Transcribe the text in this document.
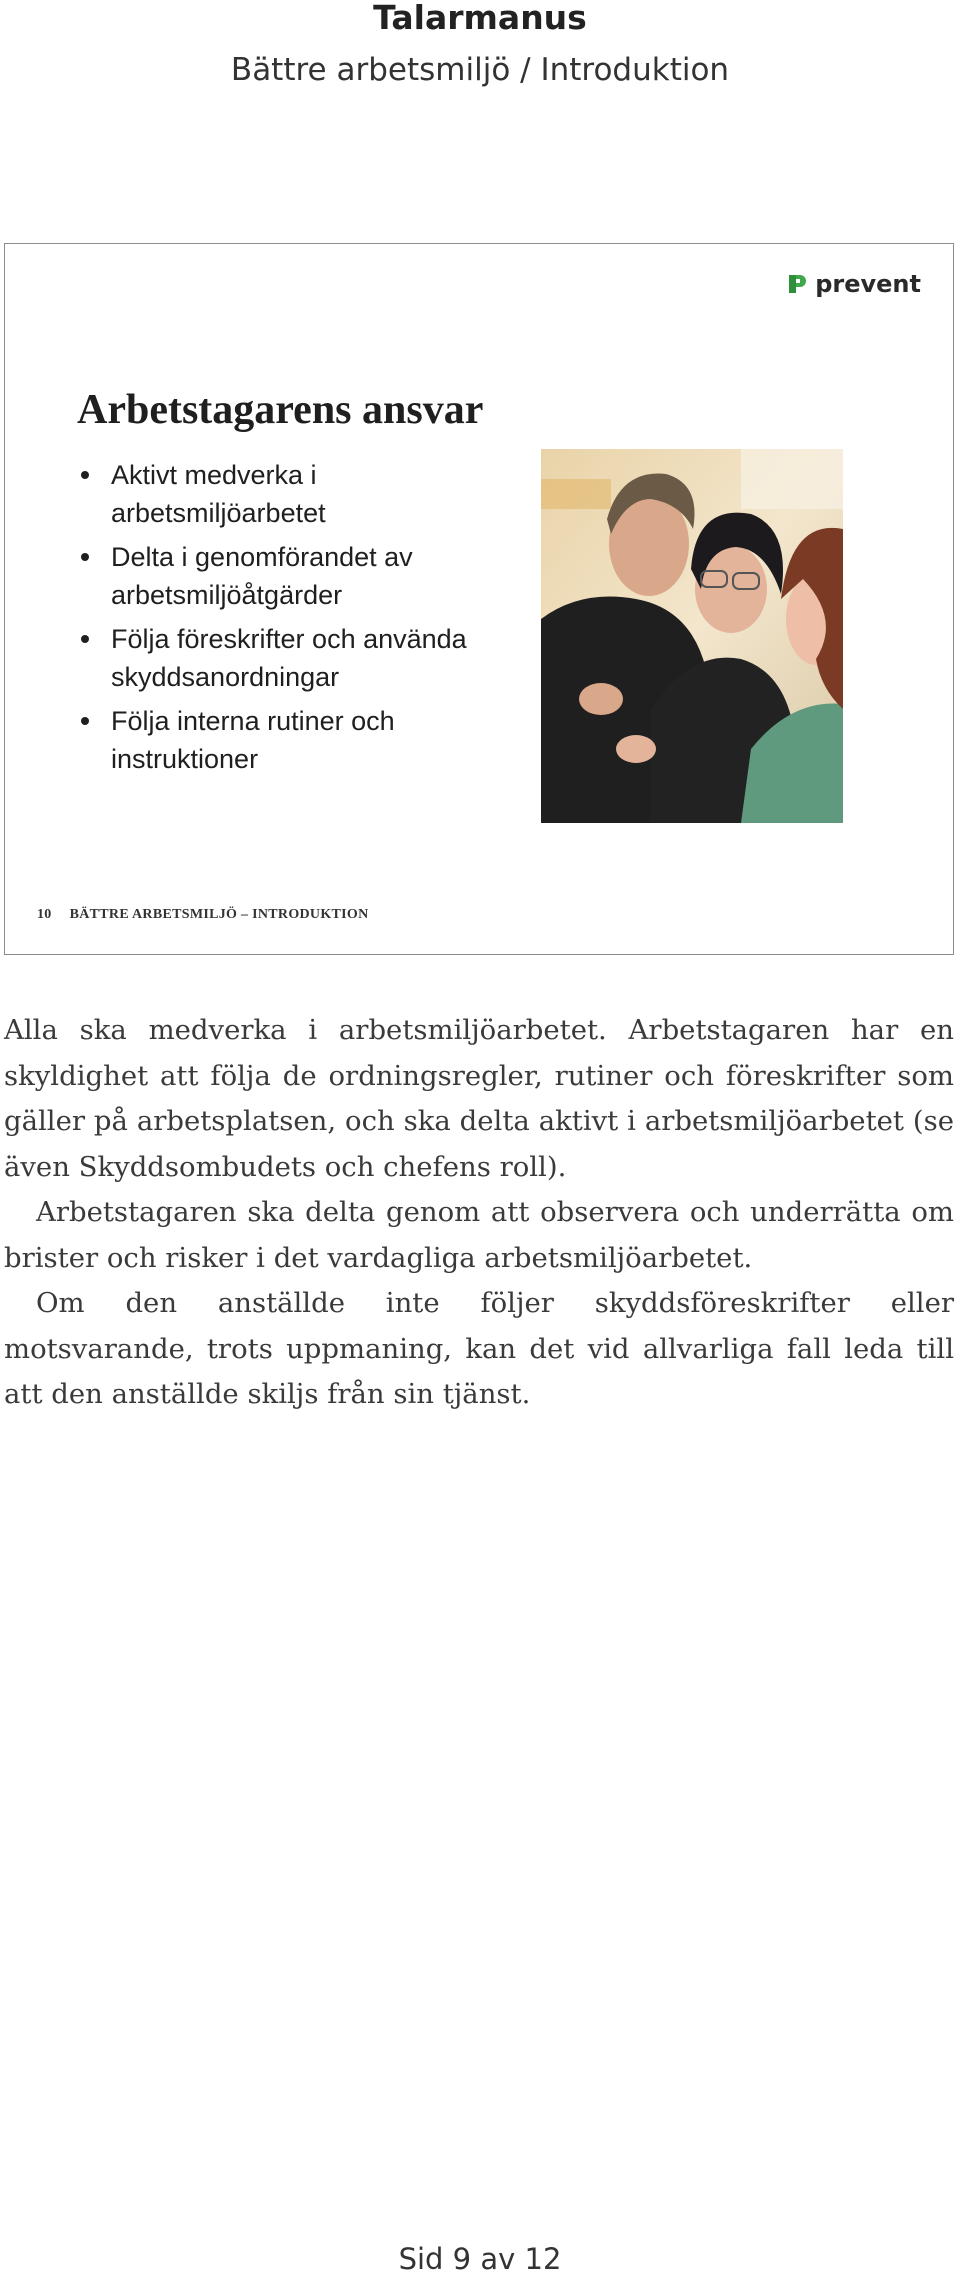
Talarmanus
Bättre arbetsmiljö / Introduktion
prevent
Arbetstagarens ansvar
Aktivt medverka i arbetsmiljöarbetet
Delta i genomförandet av arbetsmiljöåtgärder
Följa föreskrifter och använda skyddsanordningar
Följa interna rutiner och instruktioner
10 BÄTTRE ARBETSMILJÖ – INTRODUKTION

Alla ska medverka i arbetsmiljöarbetet. Arbetstagaren har en skyldighet att följa de ordningsregler, rutiner och föreskrifter som gäller på arbetsplatsen, och ska delta aktivt i arbetsmiljöarbetet (se även Skyddsombudets och chefens roll).

Arbetstagaren ska delta genom att observera och underrätta om brister och risker i det vardagliga arbetsmiljöarbetet.

Om den anställde inte följer skyddsföreskrifter eller motsvarande, trots uppmaning, kan det vid allvarliga fall leda till att den anställde skiljs från sin tjänst.

Sid 9 av 12
